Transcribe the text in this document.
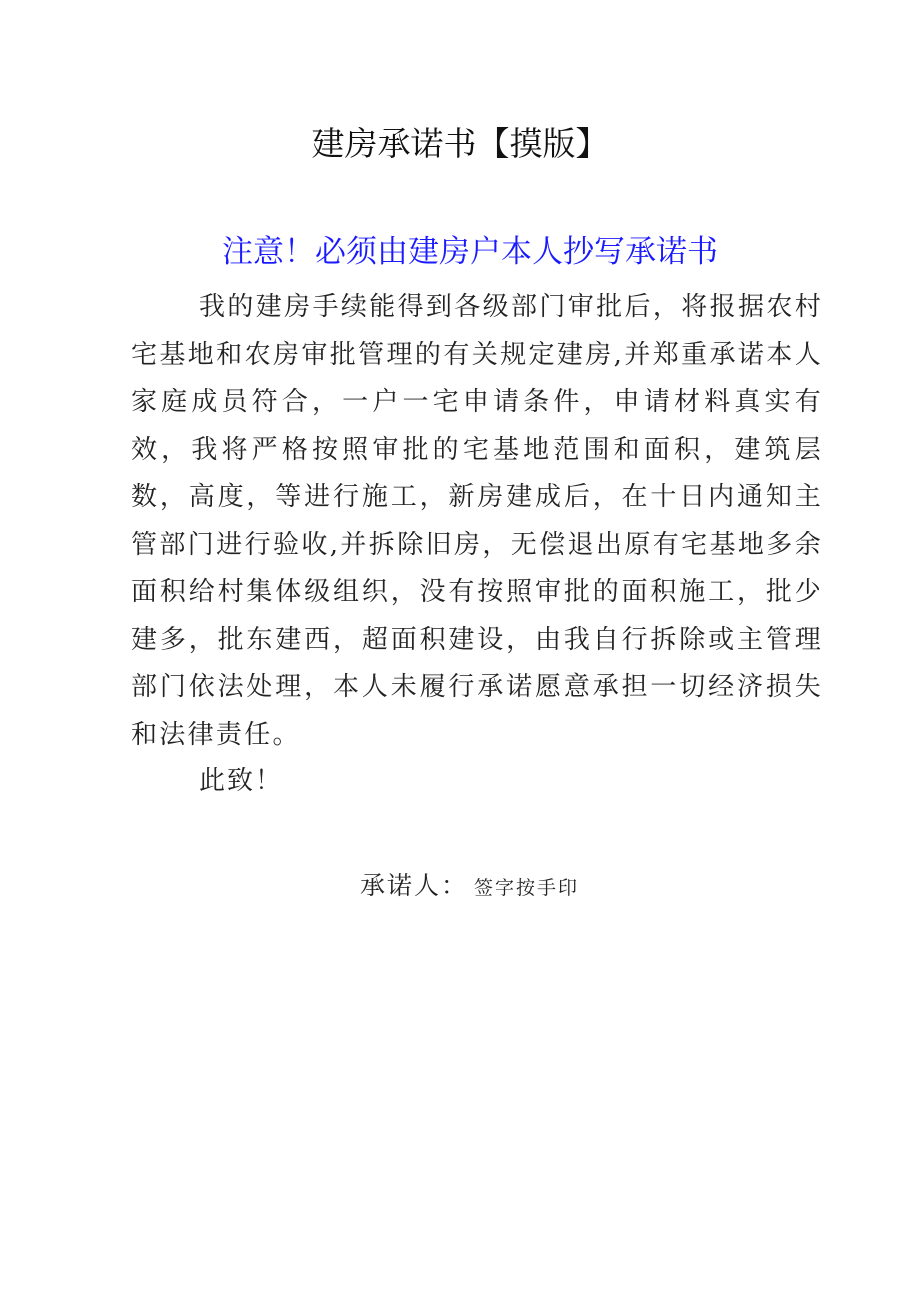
建房承诺书【摸版】
注意！必须由建房户本人抄写承诺书

我的建房手续能得到各级部门审批后，将报据农村宅基地和农房审批管理的有关规定建房,并郑重承诺本人家庭成员符合，一户一宅申请条件，申请材料真实有效，我将严格按照审批的宅基地范围和面积，建筑层数，高度，等进行施工，新房建成后，在十日内通知主管部门进行验收,并拆除旧房，无偿退出原有宅基地多余面积给村集体级组织，没有按照审批的面积施工，批少建多，批东建西，超面积建设，由我自行拆除或主管理部门依法处理，本人未履行承诺愿意承担一切经济损失和法律责任。

此致！
承诺人： 签字按手印
